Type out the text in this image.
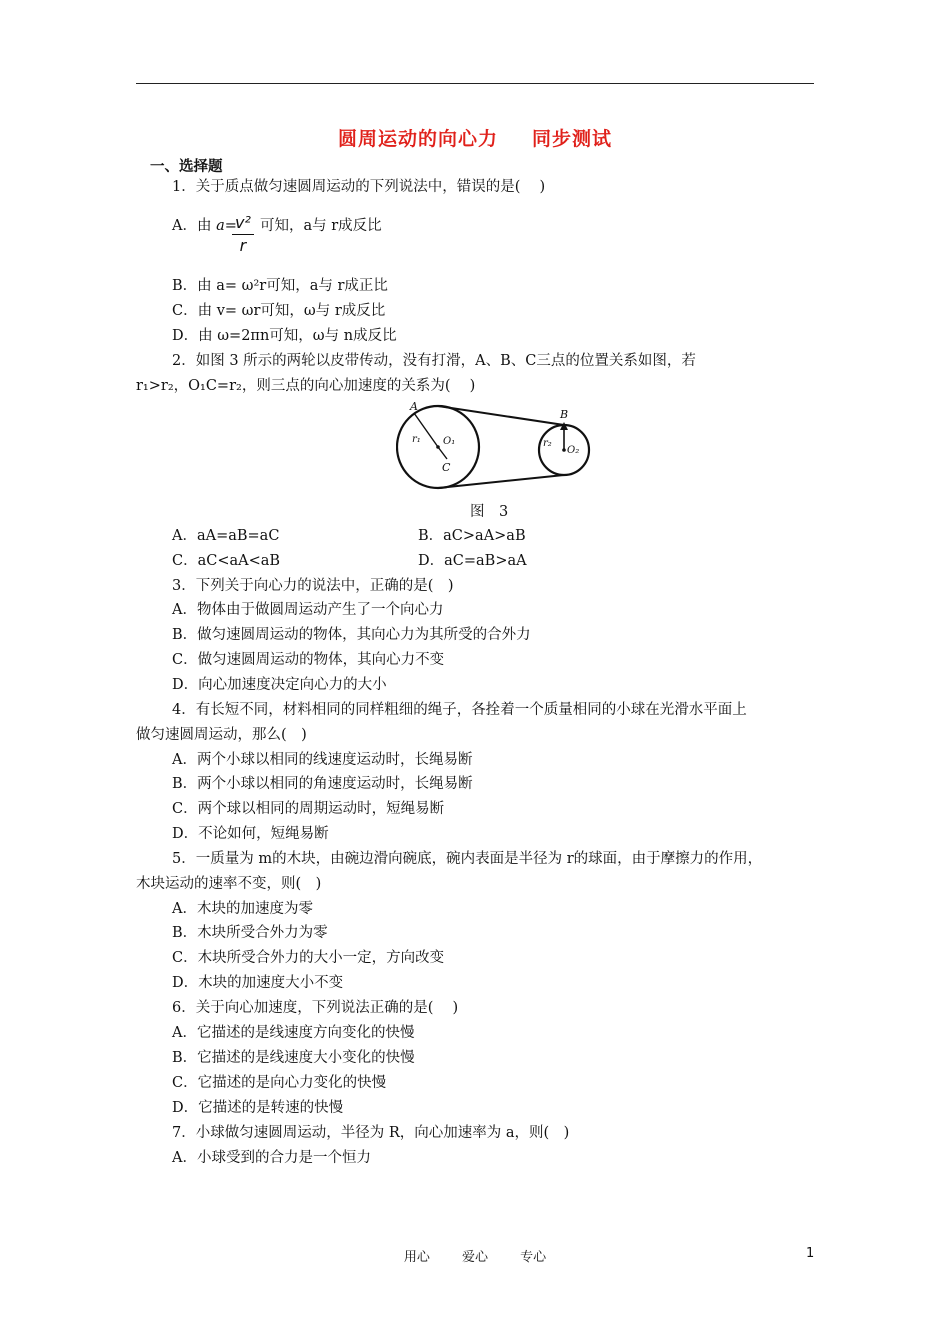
圆周运动的向心力 同步测试
一、选择题
1．关于质点做匀速圆周运动的下列说法中，错误的是(　 )
A．由 a=
$\frac{\text{v²}}{r}$ 可知，a与 r成反比
B．由 a= ω²r可知，a与 r成正比
C．由 v= ωr可知，ω与 r成反比
D．由 ω=2πn可知，ω与 n成反比
2．如图 3 所示的两轮以皮带传动，没有打滑，A、B、C三点的位置关系如图，若
r₁>r₂，O₁C=r₂，则三点的向心加速度的关系为(　 )
A
B
C
r₁	r₂
O₁
O₂
图　3
A．aA=aB=aC	B．aC>aA>aB
C．aC<aA<aB	D．aC=aB>aA
3．下列关于向心力的说法中，正确的是(　)
A．物体由于做圆周运动产生了一个向心力
B．做匀速圆周运动的物体，其向心力为其所受的合外力
C．做匀速圆周运动的物体，其向心力不变
D．向心加速度决定向心力的大小
4．有长短不同，材料相同的同样粗细的绳子，各拴着一个质量相同的小球在光滑水平面上
做匀速圆周运动，那么(　)
A．两个小球以相同的线速度运动时，长绳易断
B．两个小球以相同的角速度运动时，长绳易断
C．两个球以相同的周期运动时，短绳易断
D．不论如何，短绳易断
5．一质量为 m的木块，由碗边滑向碗底，碗内表面是半径为 r的球面，由于摩擦力的作用，
木块运动的速率不变，则(　)
A．木块的加速度为零
B．木块所受合外力为零
C．木块所受合外力的大小一定，方向改变
D．木块的加速度大小不变
6．关于向心加速度，下列说法正确的是(　 )
A．它描述的是线速度方向变化的快慢
B．它描述的是线速度大小变化的快慢
C．它描述的是向心力变化的快慢
D．它描述的是转速的快慢
7．小球做匀速圆周运动，半径为 R，向心加速率为 a，则(　)
A．小球受到的合力是一个恒力
用心 爱心 专心	1
